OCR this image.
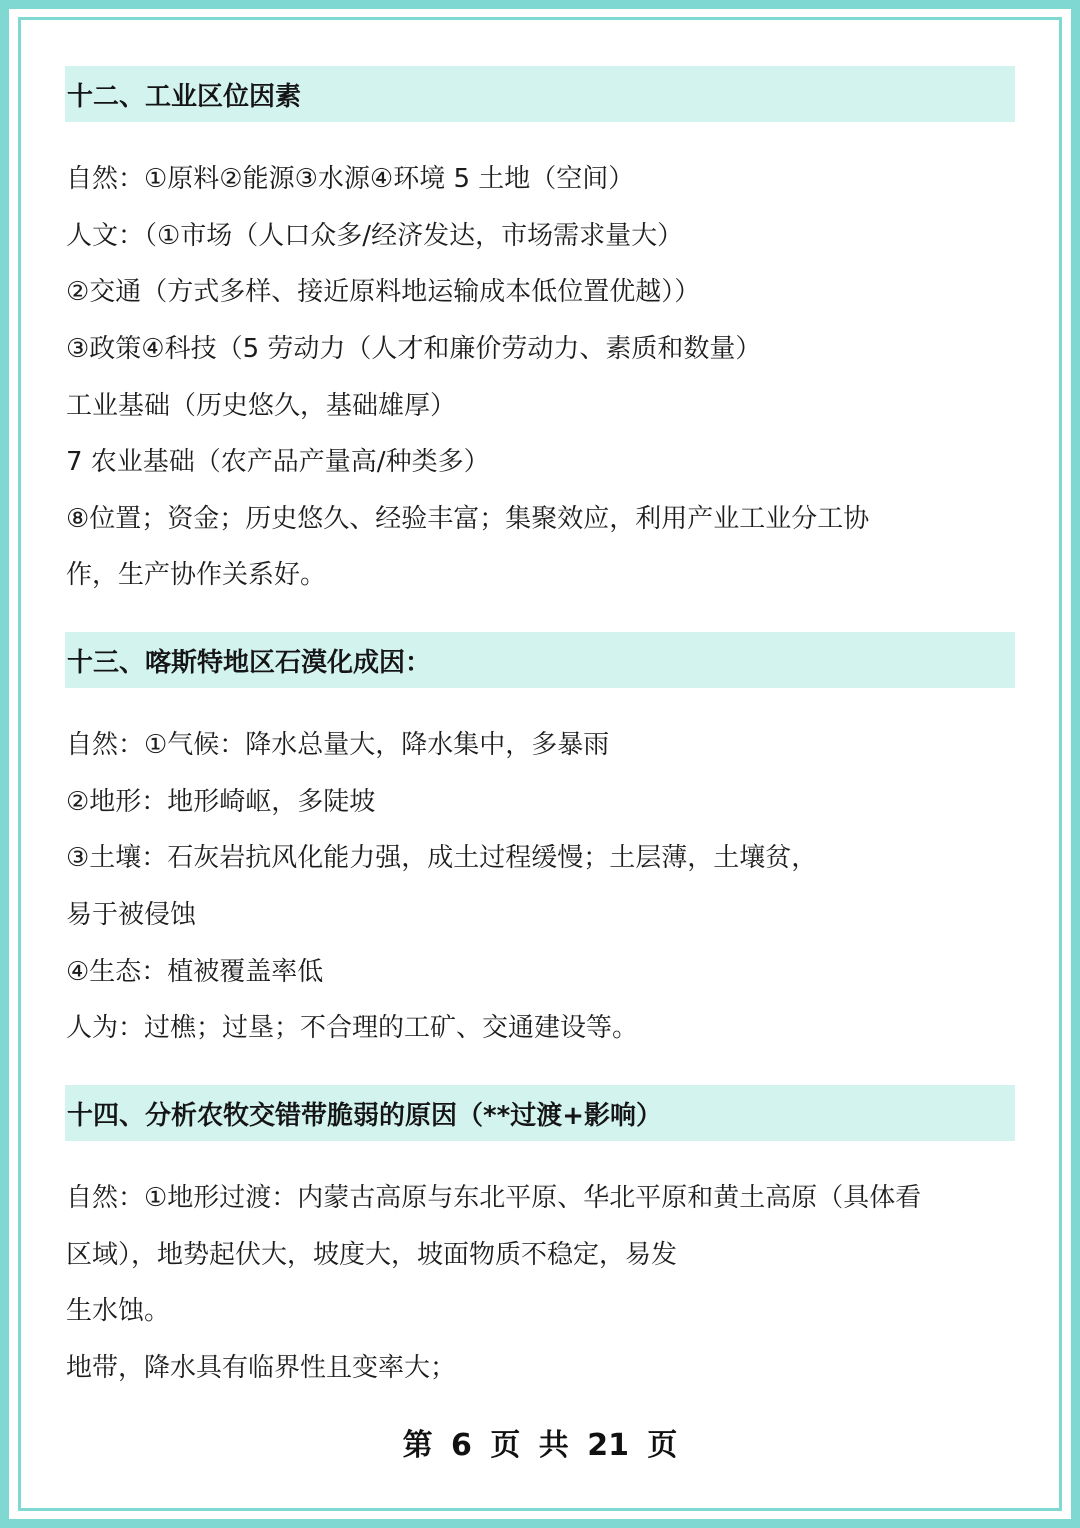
十二、工业区位因素
自然：①原料②能源③水源④环境 5 土地（空间）
人文：（①市场（人口众多/经济发达，市场需求量大）
②交通（方式多样、接近原料地运输成本低位置优越））
③政策④科技（5 劳动力（人才和廉价劳动力、素质和数量）
工业基础（历史悠久，基础雄厚）
7 农业基础（农产品产量高/种类多）
⑧位置；资金；历史悠久、经验丰富；集聚效应，利用产业工业分工协
作，生产协作关系好。
十三、喀斯特地区石漠化成因：
自然：①气候：降水总量大，降水集中，多暴雨
②地形：地形崎岖，多陡坡
③土壤：石灰岩抗风化能力强，成土过程缓慢；土层薄，土壤贫，
易于被侵蚀
④生态：植被覆盖率低
人为：过樵；过垦；不合理的工矿、交通建设等。
十四、分析农牧交错带脆弱的原因（**过渡+影响）
自然：①地形过渡：内蒙古高原与东北平原、华北平原和黄土高原（具体看
区域），地势起伏大，坡度大，坡面物质不稳定，易发
生水蚀。
地带，降水具有临界性且变率大；
第 6 页 共 21 页
